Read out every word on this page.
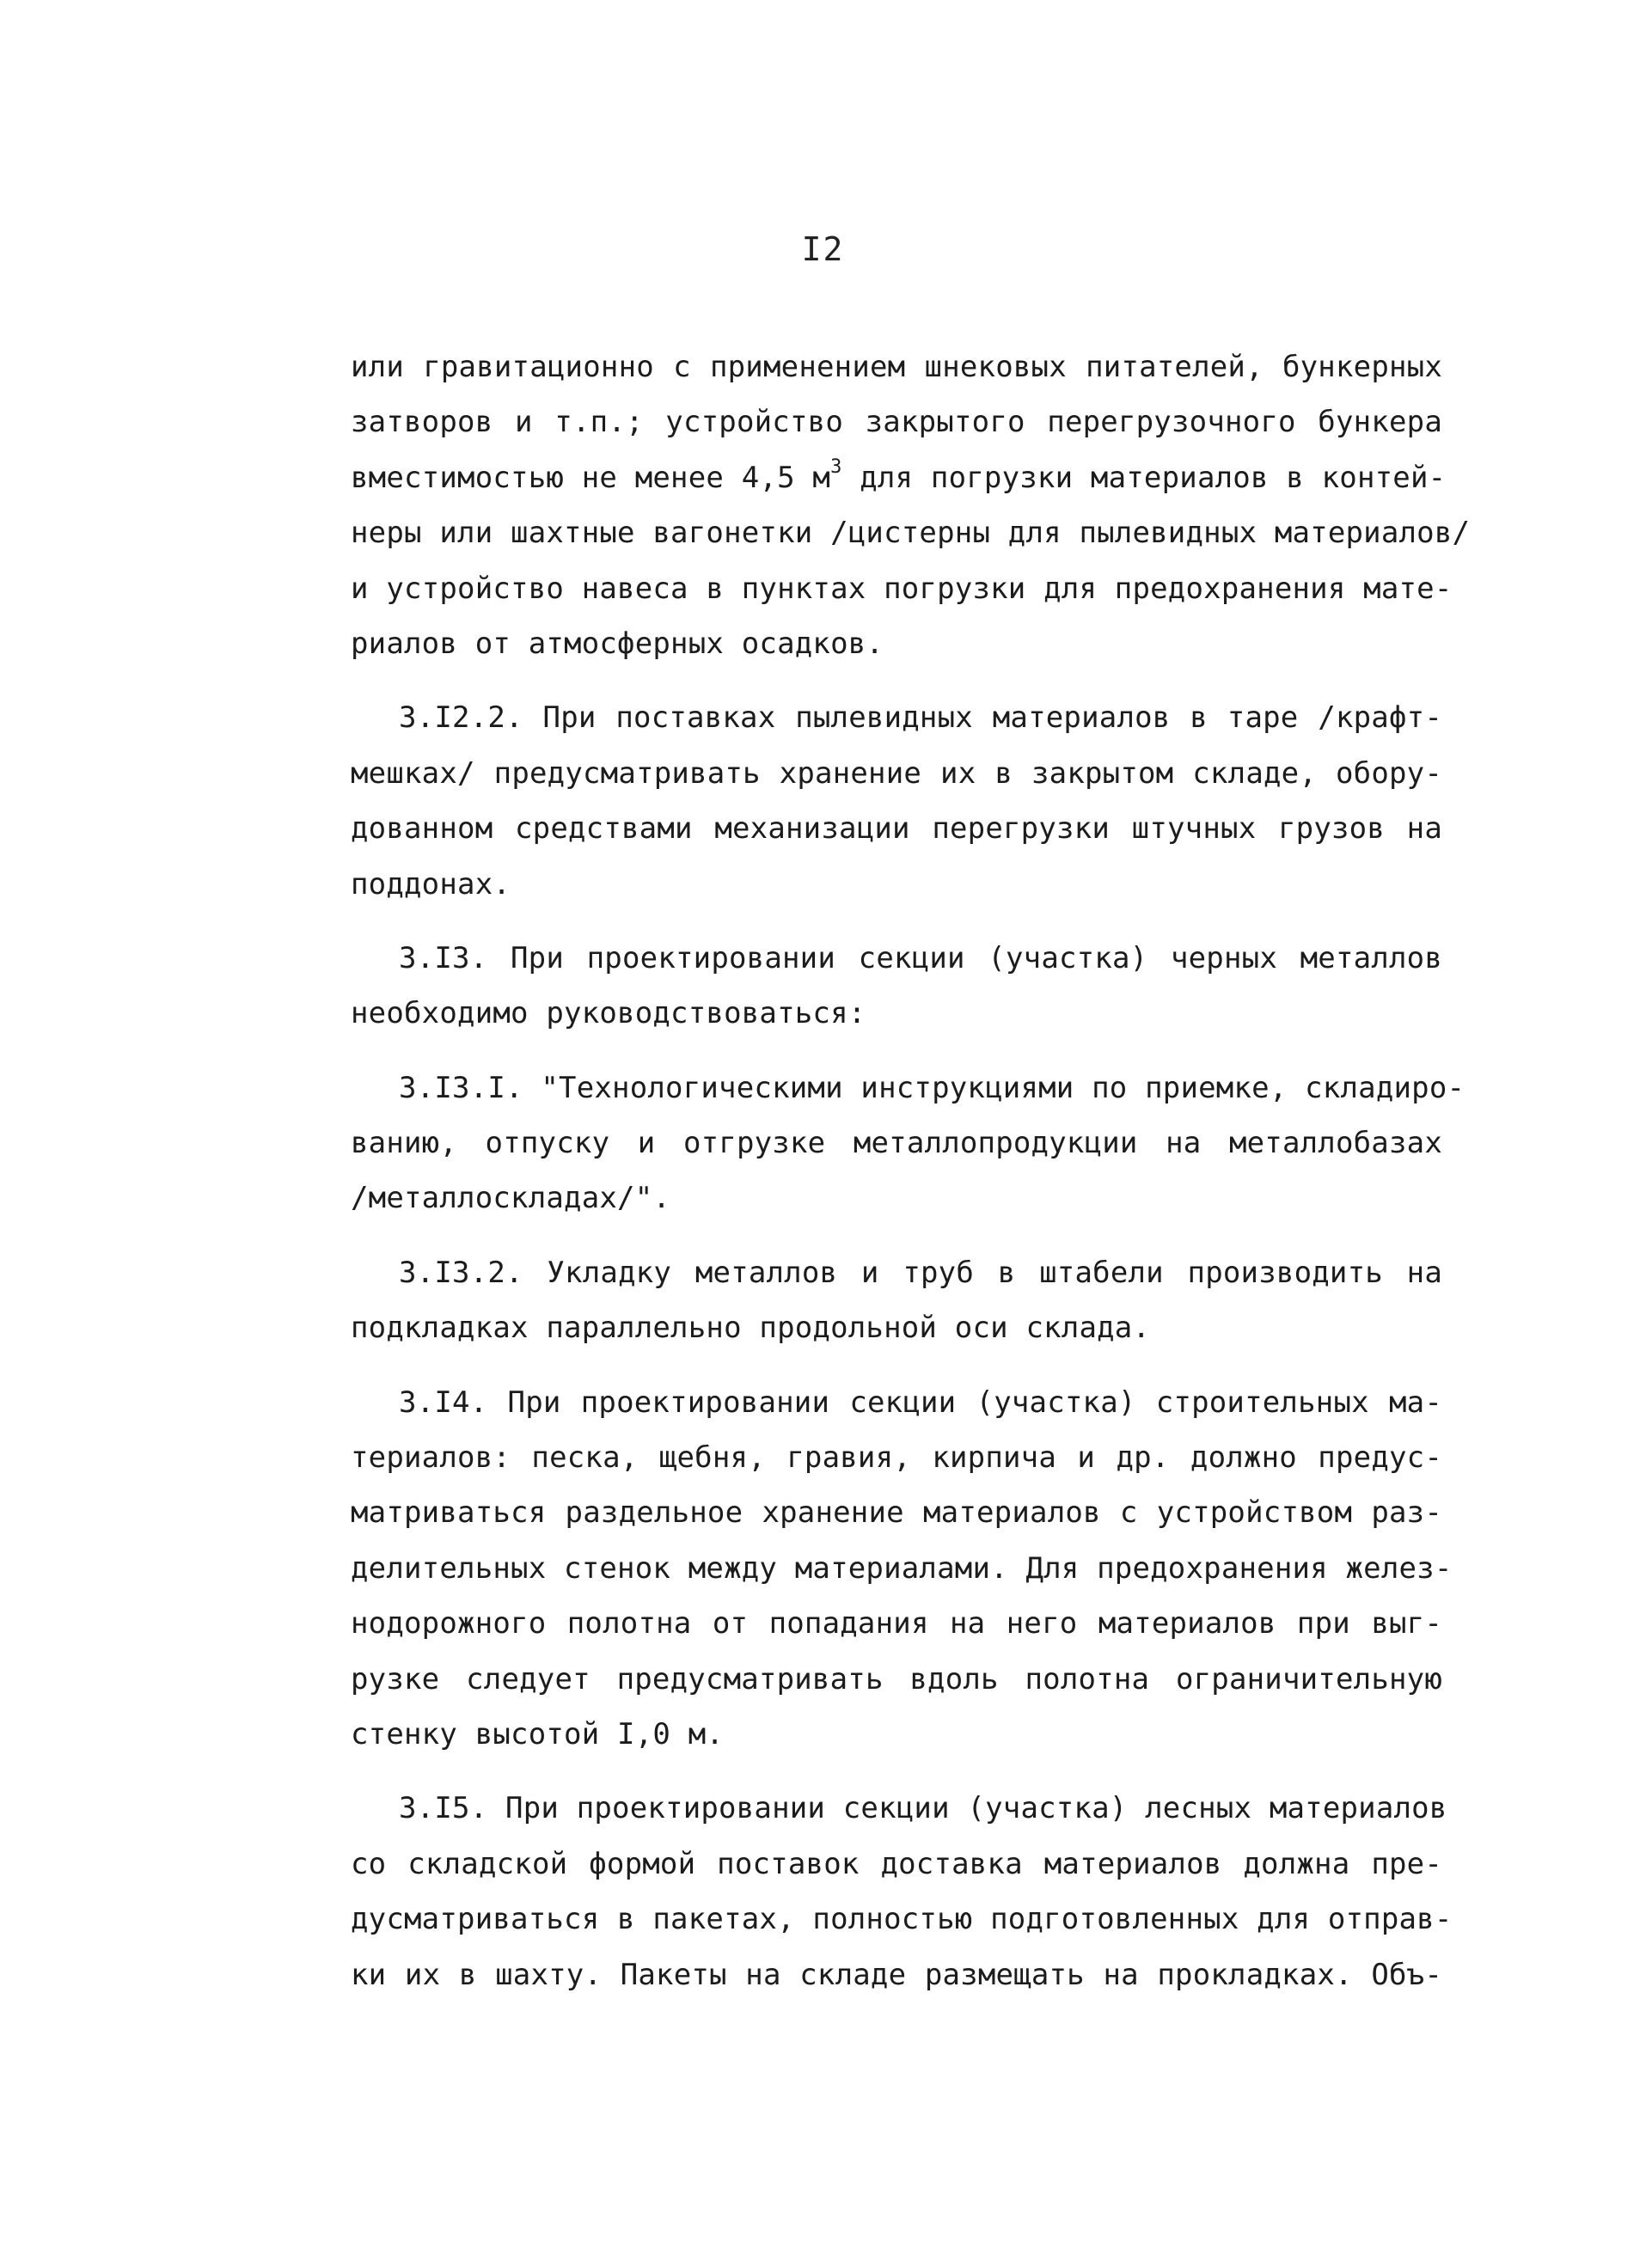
I2
или гравитационно с применением шнековых питателей, бункерных
затворов и т.п.; устройство закрытого перегрузочного бункера
вместимостью не менее 4,5 $м^3$ для погрузки материалов в контей-
неры или шахтные вагонетки /цистерны для пылевидных материалов/
и устройство навеса в пунктах погрузки для предохранения мате-
риалов от атмосферных осадков.
3.I2.2. При поставках пылевидных материалов в таре /крафт-
мешках/ предусматривать хранение их в закрытом складе, обору-
дованном средствами механизации перегрузки штучных грузов на
поддонах.
3.I3. При проектировании секции (участка) черных металлов
необходимо руководствоваться:
3.I3.I. "Технологическими инструкциями по приемке, складиро-
ванию, отпуску и отгрузке металлопродукции на металлобазах
/металлоскладах/".
3.I3.2. Укладку металлов и труб в штабели производить на
подкладках параллельно продольной оси склада.
3.I4. При проектировании секции (участка) строительных ма-
териалов: песка, щебня, гравия, кирпича и др. должно предус-
матриваться раздельное хранение материалов с устройством раз-
делительных стенок между материалами. Для предохранения желез-
нодорожного полотна от попадания на него материалов при выг-
рузке следует предусматривать вдоль полотна ограничительную
стенку высотой I,0 м.
3.I5. При проектировании секции (участка) лесных материалов
со складской формой поставок доставка материалов должна пре-
дусматриваться в пакетах, полностью подготовленных для отправ-
ки их в шахту. Пакеты на складе размещать на прокладках. Объ-
